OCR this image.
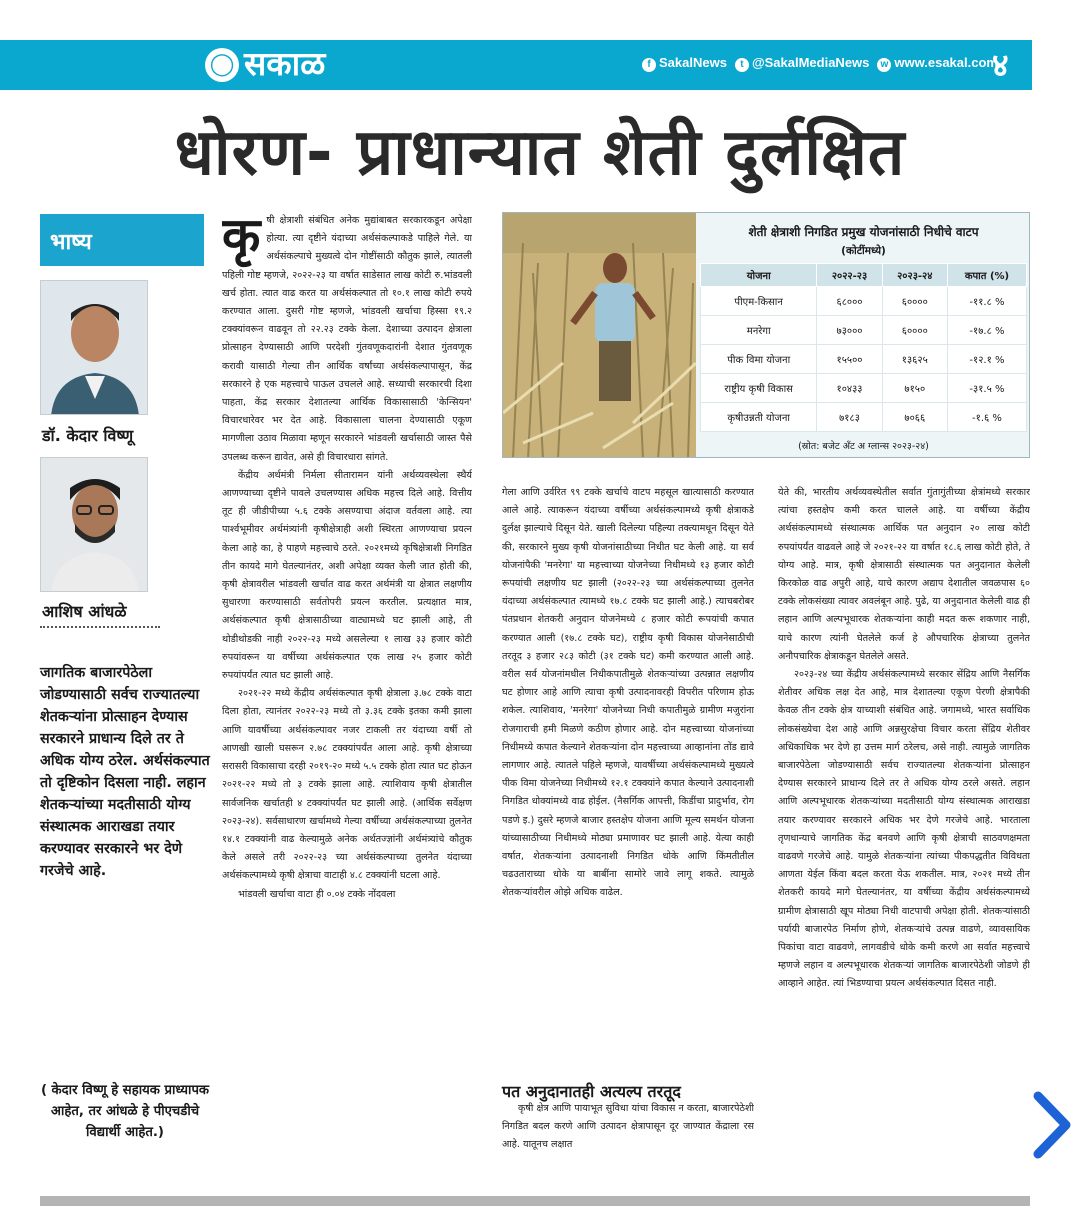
◯ सकाळ	f SakalNews	t @SakalMediaNews	w www.esakal.com
४
धोरण- प्राधान्यात शेती दुर्लक्षित
भाष्य
डॉ. केदार विष्णू
आशिष आंधळे
जागतिक बाजारपेठेला जोडण्यासाठी सर्वच राज्यातल्या शेतकऱ्यांना प्रोत्साहन देण्यास सरकारने प्राधान्य दिले तर ते अधिक योग्य ठरेल. अर्थसंकल्पात तो दृष्टिकोन दिसला नाही. लहान शेतकऱ्यांच्या मदतीसाठी योग्य संस्थात्मक आराखडा तयार करण्यावर सरकारने भर देणे गरजेचे आहे.
( केदार विष्णू हे सहायक प्राध्यापक आहेत, तर आंधळे हे पीएचडीचे विद्यार्थी आहेत.)

कृषी क्षेत्राशी संबंधित अनेक मुद्यांबाबत सरकारकडून अपेक्षा होत्या. त्या दृष्टीने यंदाच्या अर्थसंकल्पाकडे पाहिले गेले. या अर्थसंकल्पाचे मुख्यत्वे दोन गोष्टींसाठी कौतुक झाले, त्यातली पहिली गोष्ट म्हणजे, २०२२-२३ या वर्षात साडेसात लाख कोटी रु.भांडवली खर्च होता. त्यात वाढ करत या अर्थसंकल्पात तो १०.१ लाख कोटी रुपये करण्यात आला. दुसरी गोष्ट म्हणजे, भांडवली खर्चाचा हिस्सा १९.२ टक्क्यांवरून वाढवून तो २२.२३ टक्के केला. देशाच्या उत्पादन क्षेत्राला प्रोत्साहन देण्यासाठी आणि परदेशी गुंतवणूकदारांनी देशात गुंतवणूक करावी यासाठी गेल्या तीन आर्थिक वर्षांच्या अर्थसंकल्पापासून, केंद्र सरकारने हे एक महत्त्वाचे पाऊल उचलले आहे. सध्याची सरकारची दिशा पाहता, केंद्र सरकार देशातल्या आर्थिक विकासासाठी 'केन्सियन' विचारधारेवर भर देत आहे. विकासाला चालना देण्यासाठी एकूण मागणीला उठाव मिळावा म्हणून सरकारने भांडवली खर्चासाठी जास्त पैसे उपलब्ध करून द्यावेत, असे ही विचारधारा सांगते.

केंद्रीय अर्थमंत्री निर्मला सीतारामन यांनी अर्थव्यवस्थेला स्थैर्य आणण्याच्या दृष्टीने पावले उचलण्यास अधिक महत्त्व दिले आहे. वित्तीय तूट ही जीडीपीच्या ५.६ टक्के असण्याचा अंदाज वर्तवला आहे. त्या पार्श्वभूमीवर अर्थमंत्र्यांनी कृषीक्षेत्राही अशी स्थिरता आणण्याचा प्रयत्न केला आहे का, हे पाहणे महत्त्वाचे ठरते. २०२१मध्ये कृषिक्षेत्राशी निगडित तीन कायदे मागे घेतल्यानंतर, अशी अपेक्षा व्यक्त केली जात होती की, कृषी क्षेत्रावरील भांडवली खर्चात वाढ करत अर्थमंत्री या क्षेत्रात लक्षणीय सुधारणा करण्यासाठी सर्वतोपरी प्रयत्न करतील. प्रत्यक्षात मात्र, अर्थसंकल्पात कृषी क्षेत्रासाठीच्या वाट्यामध्ये घट झाली आहे, ती थोडीथोडकी नाही २०२२-२३ मध्ये असलेल्या १ लाख ३३ हजार कोटी रुपयांवरून या वर्षीच्या अर्थसंकल्पात एक लाख २५ हजार कोटी रुपयांपर्यंत त्यात घट झाली आहे.

२०२१-२२ मध्ये केंद्रीय अर्थसंकल्पात कृषी क्षेत्राला ३.७८ टक्के वाटा दिला होता, त्यानंतर २०२२-२३ मध्ये तो ३.३६ टक्के इतका कमी झाला आणि यावर्षीच्या अर्थसंकल्पावर नजर टाकली तर यंदाच्या वर्षी तो आणखी खाली घसरून २.७८ टक्क्यांपर्यंत आला आहे. कृषी क्षेत्राच्या सरासरी विकासाचा दरही २०१९-२० मध्ये ५.५ टक्के होता त्यात घट होऊन २०२१-२२ मध्ये तो ३ टक्के झाला आहे. त्याशिवाय कृषी क्षेत्रातील सार्वजनिक खर्चातही ४ टक्क्यांपर्यंत घट झाली आहे. (आर्थिक सर्वेक्षण २०२३-२४). सर्वसाधारण खर्चामध्ये गेल्या वर्षीच्या अर्थसंकल्पाच्या तुलनेत १४.१ टक्क्यांनी वाढ केल्यामुळे अनेक अर्थतज्ज्ञांनी अर्थमंत्र्यांचे कौतुक केले असले तरी २०२२-२३ च्या अर्थसंकल्पाच्या तुलनेत यंदाच्या अर्थसंकल्पामध्ये कृषी क्षेत्राचा वाटाही ४.८ टक्क्यांनी घटला आहे.

भांडवली खर्चाचा वाटा ही ०.०४ टक्के नोंदवला

शेती क्षेत्राशी निगडित प्रमुख योजनांसाठी निधीचे वाटप
(कोटींमध्ये)
योजना	२०२२-२३	२०२३-२४	कपात (%)
पीएम-किसान	६८०००	६००००	-११.८ %
मनरेगा	७३०००	६००००	-१७.८ %
पीक विमा योजना	१५५००	१३६२५	-१२.१ %
राष्ट्रीय कृषी विकास	१०४३३	७१५०	-३१.५ %
कृषीउन्नती योजना	७१८३	७०६६	-१.६ %
(स्रोत: बजेट अँट अ ग्लान्स २०२३-२४)

गेला आणि उर्वरित ९९ टक्के खर्चाचे वाटप महसूल खात्यासाठी करण्यात आले आहे. त्याकरून यंदाच्या वर्षीच्या अर्थसंकल्पामध्ये कृषी क्षेत्राकडे दुर्लक्ष झाल्याचे दिसून येते. खाली दिलेल्या पहिल्या तक्त्यामधून दिसून येते की, सरकारने मुख्य कृषी योजनांसाठीच्या निधीत घट केली आहे. या सर्व योजनांपैकी 'मनरेगा' या महत्त्वाच्या योजनेच्या निधीमध्ये १३ हजार कोटी रूपयांची लक्षणीय घट झाली (२०२२-२३ च्या अर्थसंकल्पाच्या तुलनेत यंदाच्या अर्थसंकल्पात त्यामध्ये १७.८ टक्के घट झाली आहे.) त्याचबरोबर पंतप्रधान शेतकरी अनुदान योजनेमध्ये ८ हजार कोटी रूपयांची कपात करण्यात आली (१७.८ टक्के घट), राष्ट्रीय कृषी विकास योजनेसाठीची तरतूद ३ हजार २८३ कोटी (३१ टक्के घट) कमी करण्यात आली आहे. वरील सर्व योजनांमधील निधीकपातीमुळे शेतकऱ्यांच्या उत्पन्नात लक्षणीय घट होणार आहे आणि त्याचा कृषी उत्पादनावरही विपरीत परिणाम होऊ शकेल. त्याशिवाय, 'मनरेगा' योजनेच्या निधी कपातीमुळे ग्रामीण मजुरांना रोजगाराची हमी मिळणे कठीण होणार आहे. दोन महत्त्वाच्या योजनांच्या निधीमध्ये कपात केल्याने शेतकऱ्यांना दोन महत्त्वाच्या आव्हानांना तोंड द्यावे लागणार आहे. त्यातले पहिले म्हणजे, यावर्षीच्या अर्थसंकल्पामध्ये मुख्यत्वे पीक विमा योजनेच्या निधीमध्ये १२.१ टक्क्यांने कपात केल्याने उत्पादनाशी निगडित धोक्यांमध्ये वाढ होईल. (नैसर्गिक आपत्ती, किडींचा प्रादुर्भाव, रोग पडणे इ.) दुसरे म्हणजे बाजार हस्तक्षेप योजना आणि मूल्य समर्थन योजना यांच्यासाठीच्या निधीमध्ये मोठ्या प्रमाणावर घट झाली आहे. येत्या काही वर्षात, शेतकऱ्यांना उत्पादनाशी निगडित धोके आणि किंमतीतील चढउताराच्या धोके या बाबींना सामोरे जावे लागू शकते. त्यामुळे शेतकऱ्यांवरील ओझे अधिक वाढेल.

पत अनुदानातही अत्यल्प तरतूद

कृषी क्षेत्र आणि पायाभूत सुविधा यांचा विकास न करता, बाजारपेठेशी निगडित बदल करणे आणि उत्पादन क्षेत्रापासून दूर जाण्यात केंद्राला रस आहे. यातूनच लक्षात

येते की, भारतीय अर्थव्यवस्थेतील सर्वात गुंतागुंतीच्या क्षेत्रांमध्ये सरकार त्यांचा हस्तक्षेप कमी करत चालले आहे. या वर्षीच्या केंद्रीय अर्थसंकल्पामध्ये संस्थात्मक आर्थिक पत अनुदान २० लाख कोटी रुपयांपर्यंत वाढवले आहे जे २०२१-२२ या वर्षात १८.६ लाख कोटी होते, ते योग्य आहे. मात्र, कृषी क्षेत्रासाठी संस्थात्मक पत अनुदानात केलेली किरकोळ वाढ अपुरी आहे, याचे कारण अद्याप देशातील जवळपास ६० टक्के लोकसंख्या त्यावर अवलंबून आहे. पुढे, या अनुदानात केलेली वाढ ही लहान आणि अल्पभूधारक शेतकऱ्यांना काही मदत करू शकणार नाही, याचे कारण त्यांनी घेतलेले कर्ज हे औपचारिक क्षेत्राच्या तुलनेत अनौपचारिक क्षेत्राकडून घेतलेले असते.

२०२३-२४ च्या केंद्रीय अर्थसंकल्पामध्ये सरकार सेंद्रिय आणि नैसर्गिक शेतीवर अधिक लक्ष देत आहे, मात्र देशातल्या एकूण पेरणी क्षेत्रापैकी केवळ तीन टक्के क्षेत्र याच्याशी संबंधित आहे. जगामध्ये, भारत सर्वाधिक लोकसंख्येचा देश आहे आणि अन्नसुरक्षेचा विचार करता सेंद्रिय शेतीवर अधिकाधिक भर देणे हा उत्तम मार्ग ठरेलच, असे नाही. त्यामुळे जागतिक बाजारपेठेला जोडण्यासाठी सर्वच राज्यातल्या शेतकऱ्यांना प्रोत्साहन देण्यास सरकारने प्राधान्य दिले तर ते अधिक योग्य ठरले असते. लहान आणि अल्पभूधारक शेतकऱ्यांच्या मदतीसाठी योग्य संस्थात्मक आराखडा तयार करण्यावर सरकारने अधिक भर देणे गरजेचे आहे. भारताला तृणधान्याचे जागतिक केंद्र बनवणे आणि कृषी क्षेत्राची साठवणक्षमता वाढवणे गरजेचे आहे. यामुळे शेतकऱ्यांना त्यांच्या पीकपद्धतीत विविधता आणता येईल किंवा बदल करता येऊ शकतील. मात्र, २०२१ मध्ये तीन शेतकरी कायदे मागे घेतल्यानंतर, या वर्षीच्या केंद्रीय अर्थसंकल्पामध्ये ग्रामीण क्षेत्रासाठी खूप मोठ्या निधी वाटपाची अपेक्षा होती. शेतकऱ्यांसाठी पर्यायी बाजारपेठ निर्माण होणे, शेतकऱ्यांचे उत्पन्न वाढणे, व्यावसायिक पिकांचा वाटा वाढवणे, लागवडीचे धोके कमी करणे आ सर्वात महत्त्वाचे म्हणजे लहान व अल्पभूधारक शेतकऱ्यां जागतिक बाजारपेठेशी जोडणे ही आव्हाने आहेत. त्यां भिडण्याचा प्रयत्न अर्थसंकल्पात दिसत नाही.
